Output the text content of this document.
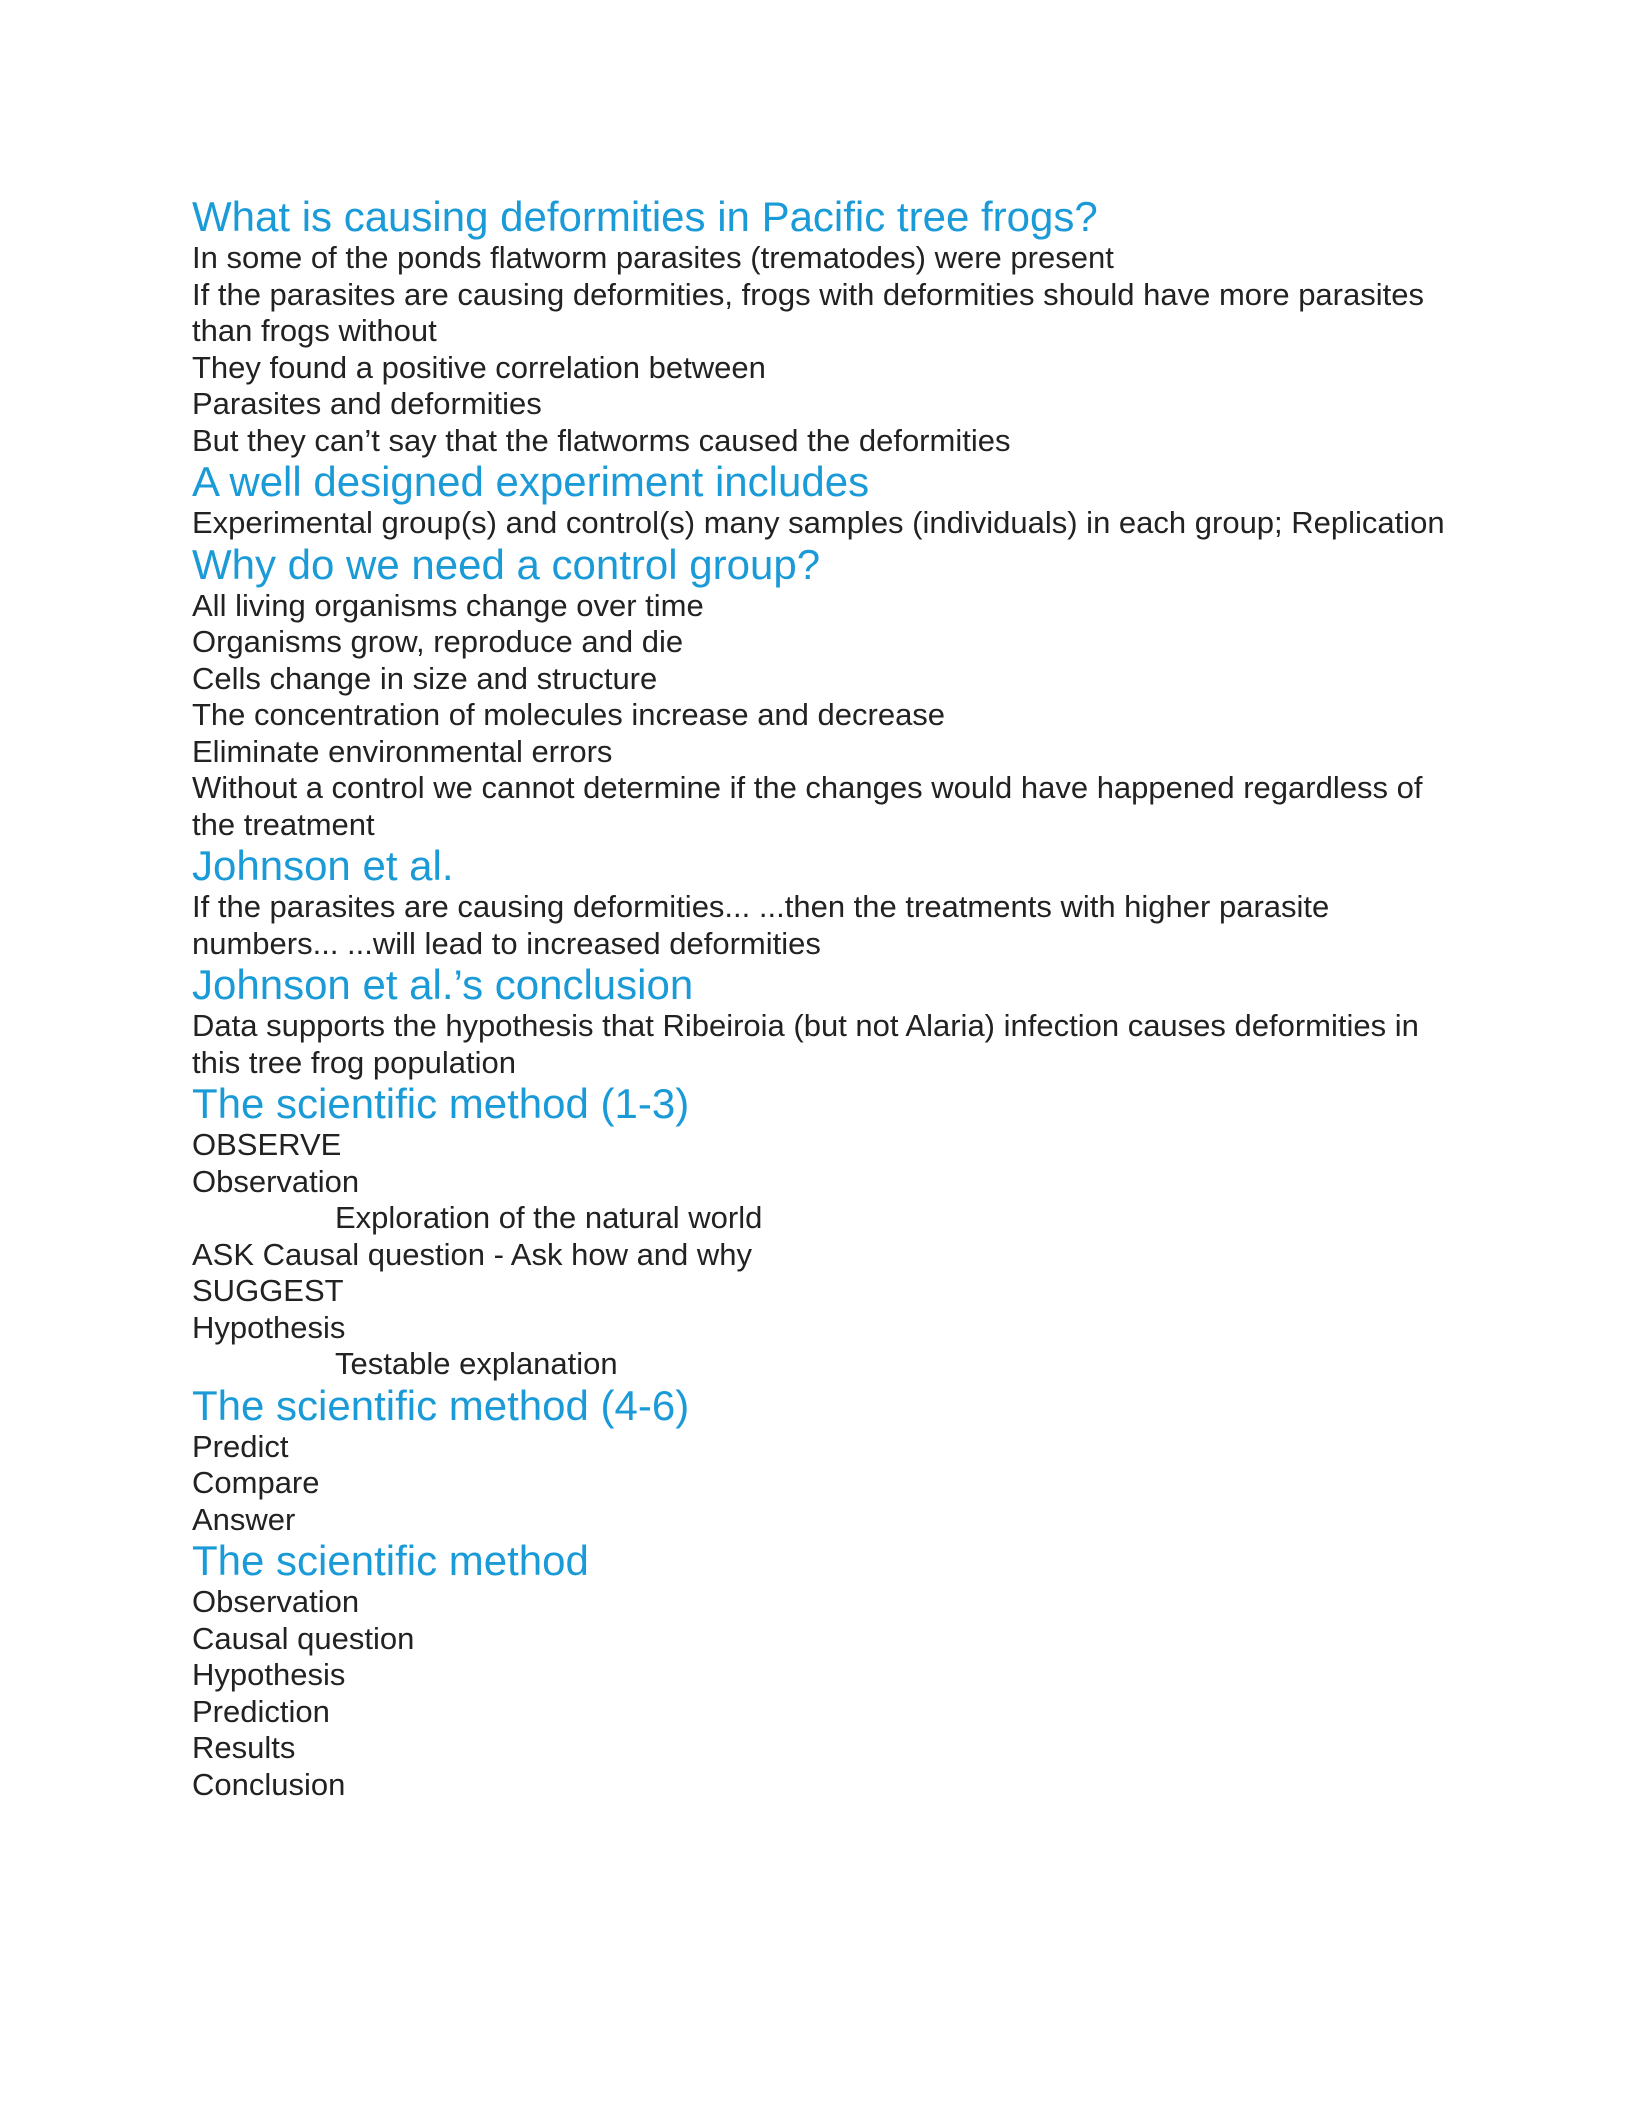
What is causing deformities in Pacific tree frogs?

In some of the ponds flatworm parasites (trematodes) were present

If the parasites are causing deformities, frogs with deformities should have more parasites than frogs without

They found a positive correlation between

Parasites and deformities

But they can’t say that the flatworms caused the deformities

A well designed experiment includes

Experimental group(s) and control(s) many samples (individuals) in each group; Replication

Why do we need a control group?

All living organisms change over time

Organisms grow, reproduce and die

Cells change in size and structure

The concentration of molecules increase and decrease

Eliminate environmental errors

Without a control we cannot determine if the changes would have happened regardless of the treatment

Johnson et al.

If the parasites are causing deformities... ...then the treatments with higher parasite numbers... ...will lead to increased deformities

Johnson et al.’s conclusion

Data supports the hypothesis that Ribeiroia (but not Alaria) infection causes deformities in this tree frog population

The scientific method (1-3)

OBSERVE

Observation

Exploration of the natural world

ASK Causal question - Ask how and why

SUGGEST

Hypothesis

Testable explanation

The scientific method (4-6)

Predict

Compare

Answer

The scientific method

Observation

Causal question

Hypothesis

Prediction

Results

Conclusion
